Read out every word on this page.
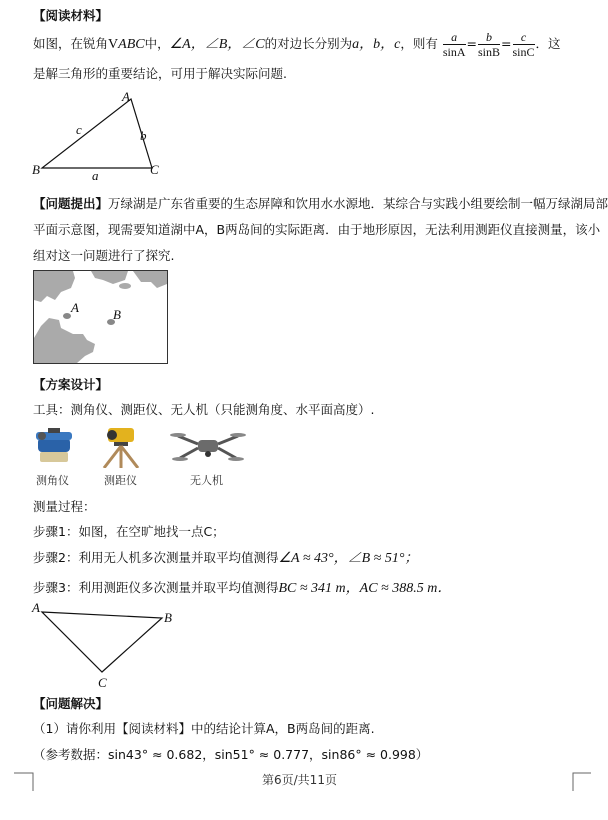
【阅读材料】
如图，在锐角VABC中，∠A，∠B，∠C的对边长分别为a，b，c，则有 $\frac{a}{\sin A} = \frac{b}{\sin B} = \frac{c}{\sin C}$ ．这
是解三角形的重要结论，可用于解决实际问题.
A
B	C
a
b
c
【问题提出】万绿湖是广东省重要的生态屏障和饮用水水源地．某综合与实践小组要绘制一幅万绿湖局部
平面示意图，现需要知道湖中A，B两岛间的实际距离．由于地形原因，无法利用测距仪直接测量，该小
组对这一问题进行了探究.
A	B
【方案设计】
工具：测角仪、测距仪、无人机（只能测角度、水平面高度）.
测角仪	测距仪	无人机
测量过程：
步骤1：如图，在空旷地找一点C；
步骤2：利用无人机多次测量并取平均值测得∠A ≈ 43°，∠B ≈ 51°；
步骤3：利用测距仪多次测量并取平均值测得BC ≈ 341 m，AC ≈ 388.5 m．
A
B
C
【问题解决】
（1）请你利用【阅读材料】中的结论计算A，B两岛间的距离.
（参考数据：sin43° ≈ 0.682，sin51° ≈ 0.777，sin86° ≈ 0.998）
第6页/共11页
